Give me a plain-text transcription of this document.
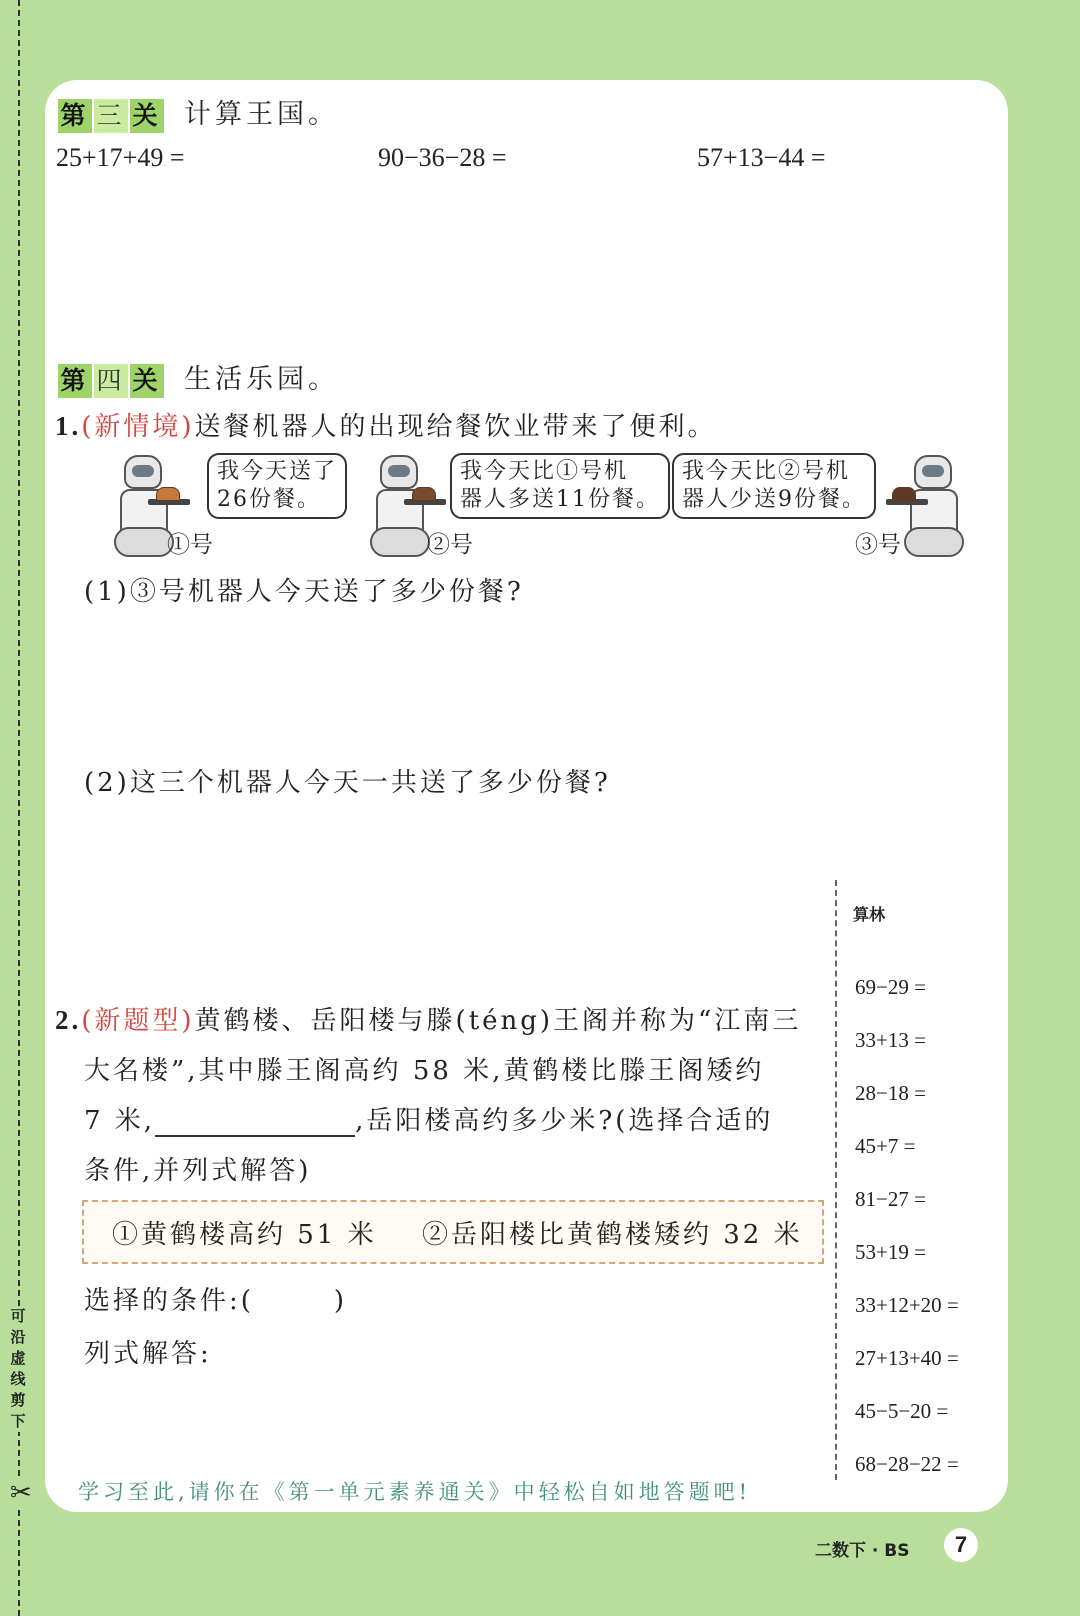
可沿虚线剪下
✂
第 三 关 计算王国。
25+17+49 =	90−36−28 =	57+13−44 =
第 四 关 生活乐园。
1.(新情境)送餐机器人的出现给餐饮业带来了便利。
我今天送了
26份餐。
①号
我今天比①号机
器人多送11份餐。
②号
我今天比②号机
器人少送9份餐。
③号
(1)③号机器人今天送了多少份餐?
(2)这三个机器人今天一共送了多少份餐?
2.(新题型)黄鹤楼、岳阳楼与滕(téng)王阁并称为“江南三
大名楼”,其中滕王阁高约 58 米,黄鹤楼比滕王阁矮约
7 米,	,岳阳楼高约多少米?(选择合适的
条件,并列式解答)
①黄鹤楼高约 51 米 ②岳阳楼比黄鹤楼矮约 32 米
选择的条件:(	)
列式解答:
算林
69−29 =
33+13 =
28−18 =
45+7 =
81−27 =
53+19 =
33+12+20 =
27+13+40 =
45−5−20 =
68−28−22 =
学习至此,请你在《第一单元素养通关》中轻松自如地答题吧!
二数下 · BS	7
